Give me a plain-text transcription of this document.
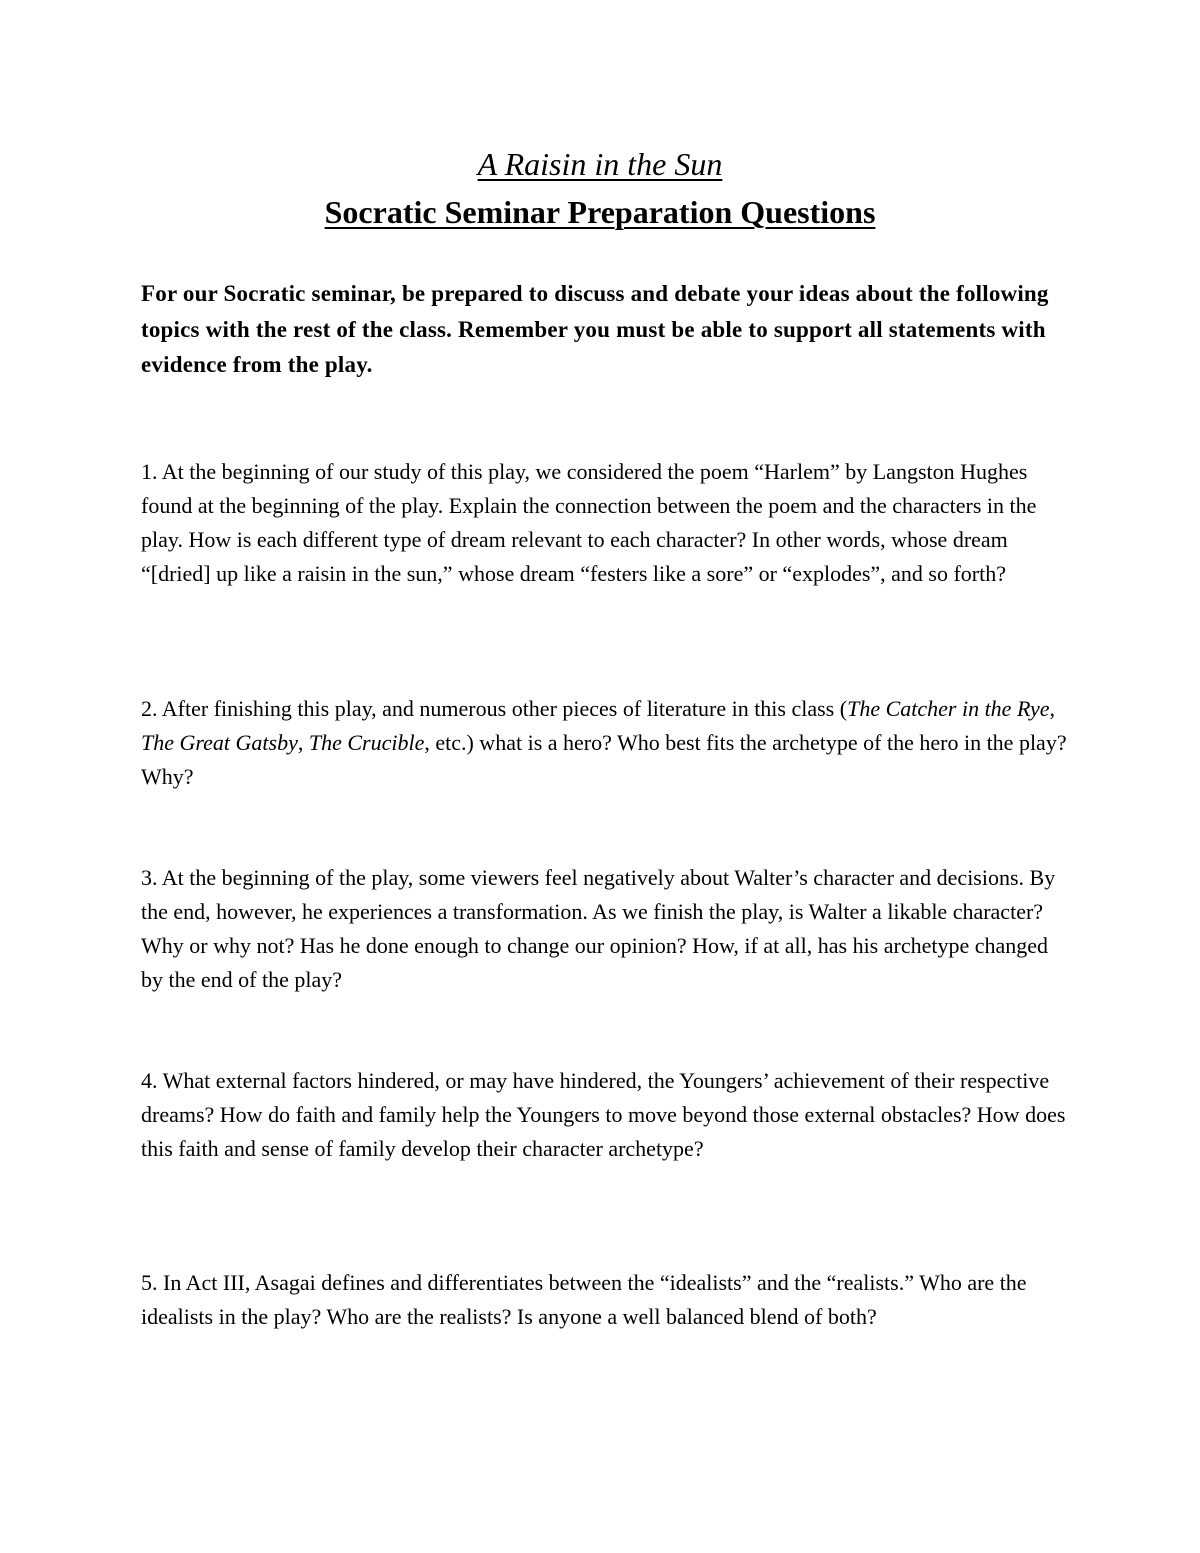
A Raisin in the Sun

Socratic Seminar Preparation Questions

For our Socratic seminar, be prepared to discuss and debate your ideas about the following topics with the rest of the class. Remember you must be able to support all statements with evidence from the play.

1. At the beginning of our study of this play, we considered the poem “Harlem” by Langston Hughes found at the beginning of the play. Explain the connection between the poem and the characters in the play. How is each different type of dream relevant to each character? In other words, whose dream “[dried] up like a raisin in the sun,” whose dream “festers like a sore” or “explodes”, and so forth?

2. After finishing this play, and numerous other pieces of literature in this class (The Catcher in the Rye, The Great Gatsby, The Crucible, etc.) what is a hero? Who best fits the archetype of the hero in the play? Why?

3. At the beginning of the play, some viewers feel negatively about Walter’s character and decisions. By the end, however, he experiences a transformation. As we finish the play, is Walter a likable character? Why or why not? Has he done enough to change our opinion? How, if at all, has his archetype changed by the end of the play?

4. What external factors hindered, or may have hindered, the Youngers’ achievement of their respective dreams? How do faith and family help the Youngers to move beyond those external obstacles? How does this faith and sense of family develop their character archetype?

5. In Act III, Asagai defines and differentiates between the “idealists” and the “realists.” Who are the idealists in the play? Who are the realists? Is anyone a well balanced blend of both?
